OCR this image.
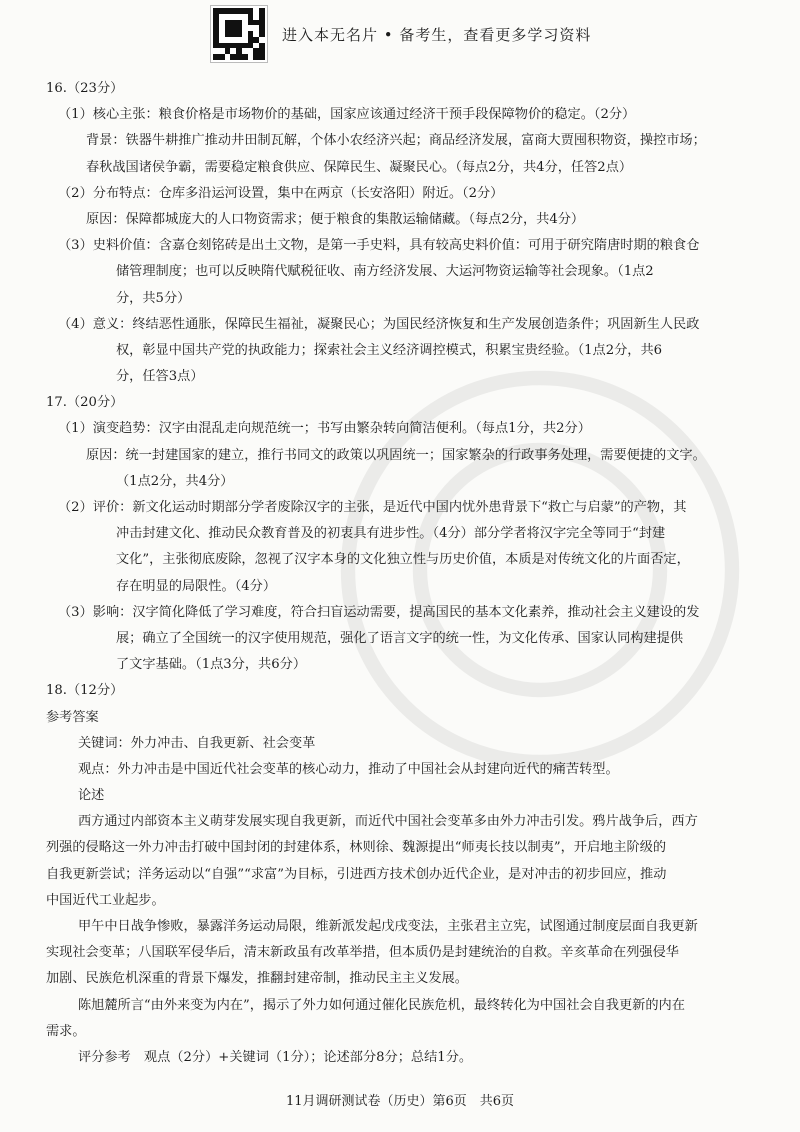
进入本无名片 • 备考生，查看更多学习资料
16.（23分）
（1）核心主张：粮食价格是市场物价的基础，国家应该通过经济干预手段保障物价的稳定。（2分）
背景：铁器牛耕推广推动井田制瓦解，个体小农经济兴起；商品经济发展，富商大贾囤积物资，操控市场；
春秋战国诸侯争霸，需要稳定粮食供应、保障民生、凝聚民心。（每点2分，共4分，任答2点）
（2）分布特点：仓库多沿运河设置，集中在两京（长安洛阳）附近。（2分）
原因：保障都城庞大的人口物资需求；便于粮食的集散运输储藏。（每点2分，共4分）
（3）史料价值：含嘉仓刻铭砖是出土文物，是第一手史料，具有较高史料价值：可用于研究隋唐时期的粮食仓
储管理制度；也可以反映隋代赋税征收、南方经济发展、大运河物资运输等社会现象。（1点2
分，共5分）
（4）意义：终结恶性通胀，保障民生福祉，凝聚民心；为国民经济恢复和生产发展创造条件；巩固新生人民政
权，彰显中国共产党的执政能力；探索社会主义经济调控模式，积累宝贵经验。（1点2分，共6
分，任答3点）
17.（20分）
（1）演变趋势：汉字由混乱走向规范统一；书写由繁杂转向简洁便利。（每点1分，共2分）
原因：统一封建国家的建立，推行书同文的政策以巩固统一；国家繁杂的行政事务处理，需要便捷的文字。
（1点2分，共4分）
（2）评价：新文化运动时期部分学者废除汉字的主张，是近代中国内忧外患背景下“救亡与启蒙”的产物，其
冲击封建文化、推动民众教育普及的初衷具有进步性。（4分）部分学者将汉字完全等同于“封建
文化”，主张彻底废除，忽视了汉字本身的文化独立性与历史价值，本质是对传统文化的片面否定，
存在明显的局限性。（4分）
（3）影响：汉字简化降低了学习难度，符合扫盲运动需要，提高国民的基本文化素养，推动社会主义建设的发
展；确立了全国统一的汉字使用规范，强化了语言文字的统一性，为文化传承、国家认同构建提供
了文字基础。（1点3分，共6分）
18.（12分）
参考答案
关键词：外力冲击、自我更新、社会变革
观点：外力冲击是中国近代社会变革的核心动力，推动了中国社会从封建向近代的痛苦转型。
论述
西方通过内部资本主义萌芽发展实现自我更新，而近代中国社会变革多由外力冲击引发。鸦片战争后，西方
列强的侵略这一外力冲击打破中国封闭的封建体系，林则徐、魏源提出“师夷长技以制夷”，开启地主阶级的
自我更新尝试；洋务运动以“自强”“求富”为目标，引进西方技术创办近代企业，是对冲击的初步回应，推动
中国近代工业起步。
甲午中日战争惨败，暴露洋务运动局限，维新派发起戊戌变法，主张君主立宪，试图通过制度层面自我更新
实现社会变革；八国联军侵华后，清末新政虽有改革举措，但本质仍是封建统治的自救。辛亥革命在列强侵华
加剧、民族危机深重的背景下爆发，推翻封建帝制，推动民主主义发展。
陈旭麓所言“由外来变为内在”，揭示了外力如何通过催化民族危机，最终转化为中国社会自我更新的内在
需求。
评分参考　观点（2分）+关键词（1分）；论述部分8分；总结1分。
11月调研测试卷（历史）第6页　共6页
